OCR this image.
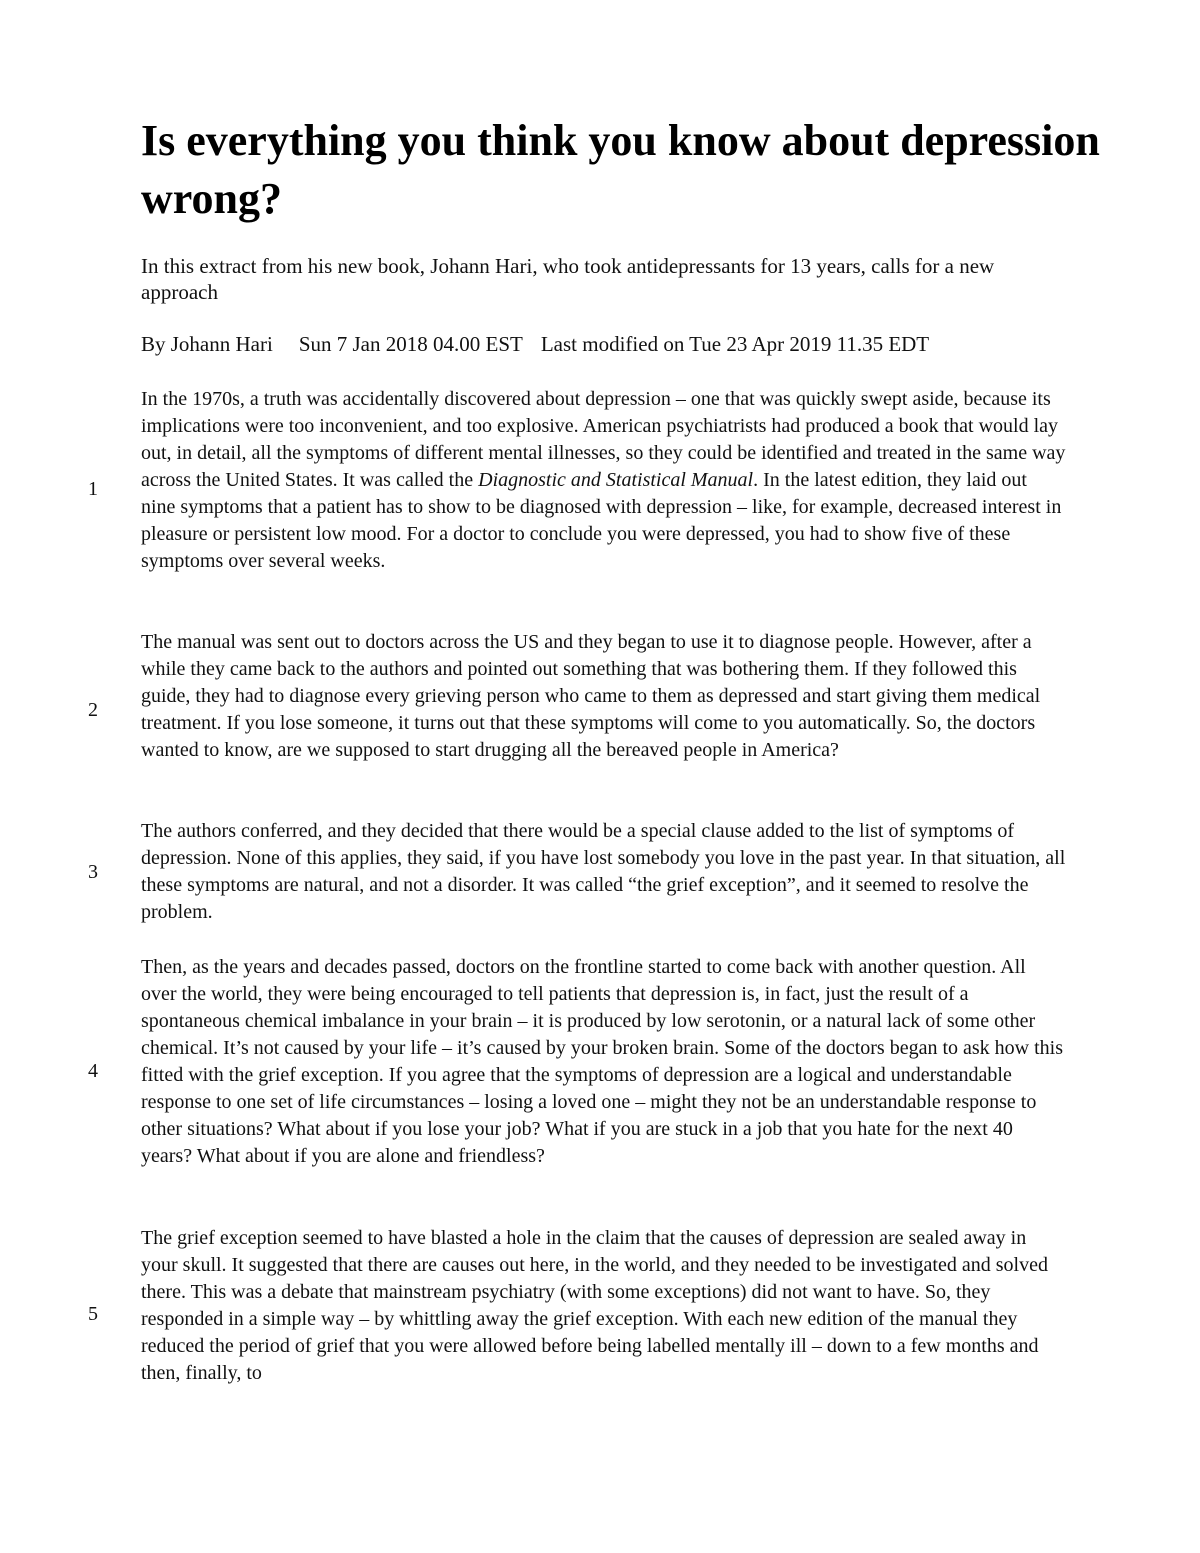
Is everything you think you know about depression wrong?

In this extract from his new book, Johann Hari, who took antidepressants for 13 years, calls for a new approach

By Johann Hari Sun 7 Jan 2018 04.00 EST Last modified on Tue 23 Apr 2019 11.35 EDT

1

In the 1970s, a truth was accidentally discovered about depression – one that was quickly swept aside, because its implications were too inconvenient, and too explosive. American psychiatrists had produced a book that would lay out, in detail, all the symptoms of different mental illnesses, so they could be identified and treated in the same way across the United States. It was called the Diagnostic and Statistical Manual. In the latest edition, they laid out nine symptoms that a patient has to show to be diagnosed with depression – like, for example, decreased interest in pleasure or persistent low mood. For a doctor to conclude you were depressed, you had to show five of these symptoms over several weeks.

2

The manual was sent out to doctors across the US and they began to use it to diagnose people. However, after a while they came back to the authors and pointed out something that was bothering them. If they followed this guide, they had to diagnose every grieving person who came to them as depressed and start giving them medical treatment. If you lose someone, it turns out that these symptoms will come to you automatically. So, the doctors wanted to know, are we supposed to start drugging all the bereaved people in America?

3

The authors conferred, and they decided that there would be a special clause added to the list of symptoms of depression. None of this applies, they said, if you have lost somebody you love in the past year. In that situation, all these symptoms are natural, and not a disorder. It was called “the grief exception”, and it seemed to resolve the problem.

4

Then, as the years and decades passed, doctors on the frontline started to come back with another question. All over the world, they were being encouraged to tell patients that depression is, in fact, just the result of a spontaneous chemical imbalance in your brain – it is produced by low serotonin, or a natural lack of some other chemical. It’s not caused by your life – it’s caused by your broken brain. Some of the doctors began to ask how this fitted with the grief exception. If you agree that the symptoms of depression are a logical and understandable response to one set of life circumstances – losing a loved one – might they not be an understandable response to other situations? What about if you lose your job? What if you are stuck in a job that you hate for the next 40 years? What about if you are alone and friendless?

5

The grief exception seemed to have blasted a hole in the claim that the causes of depression are sealed away in your skull. It suggested that there are causes out here, in the world, and they needed to be investigated and solved there. This was a debate that mainstream psychiatry (with some exceptions) did not want to have. So, they responded in a simple way – by whittling away the grief exception. With each new edition of the manual they reduced the period of grief that you were allowed before being labelled mentally ill – down to a few months and then, finally, to
